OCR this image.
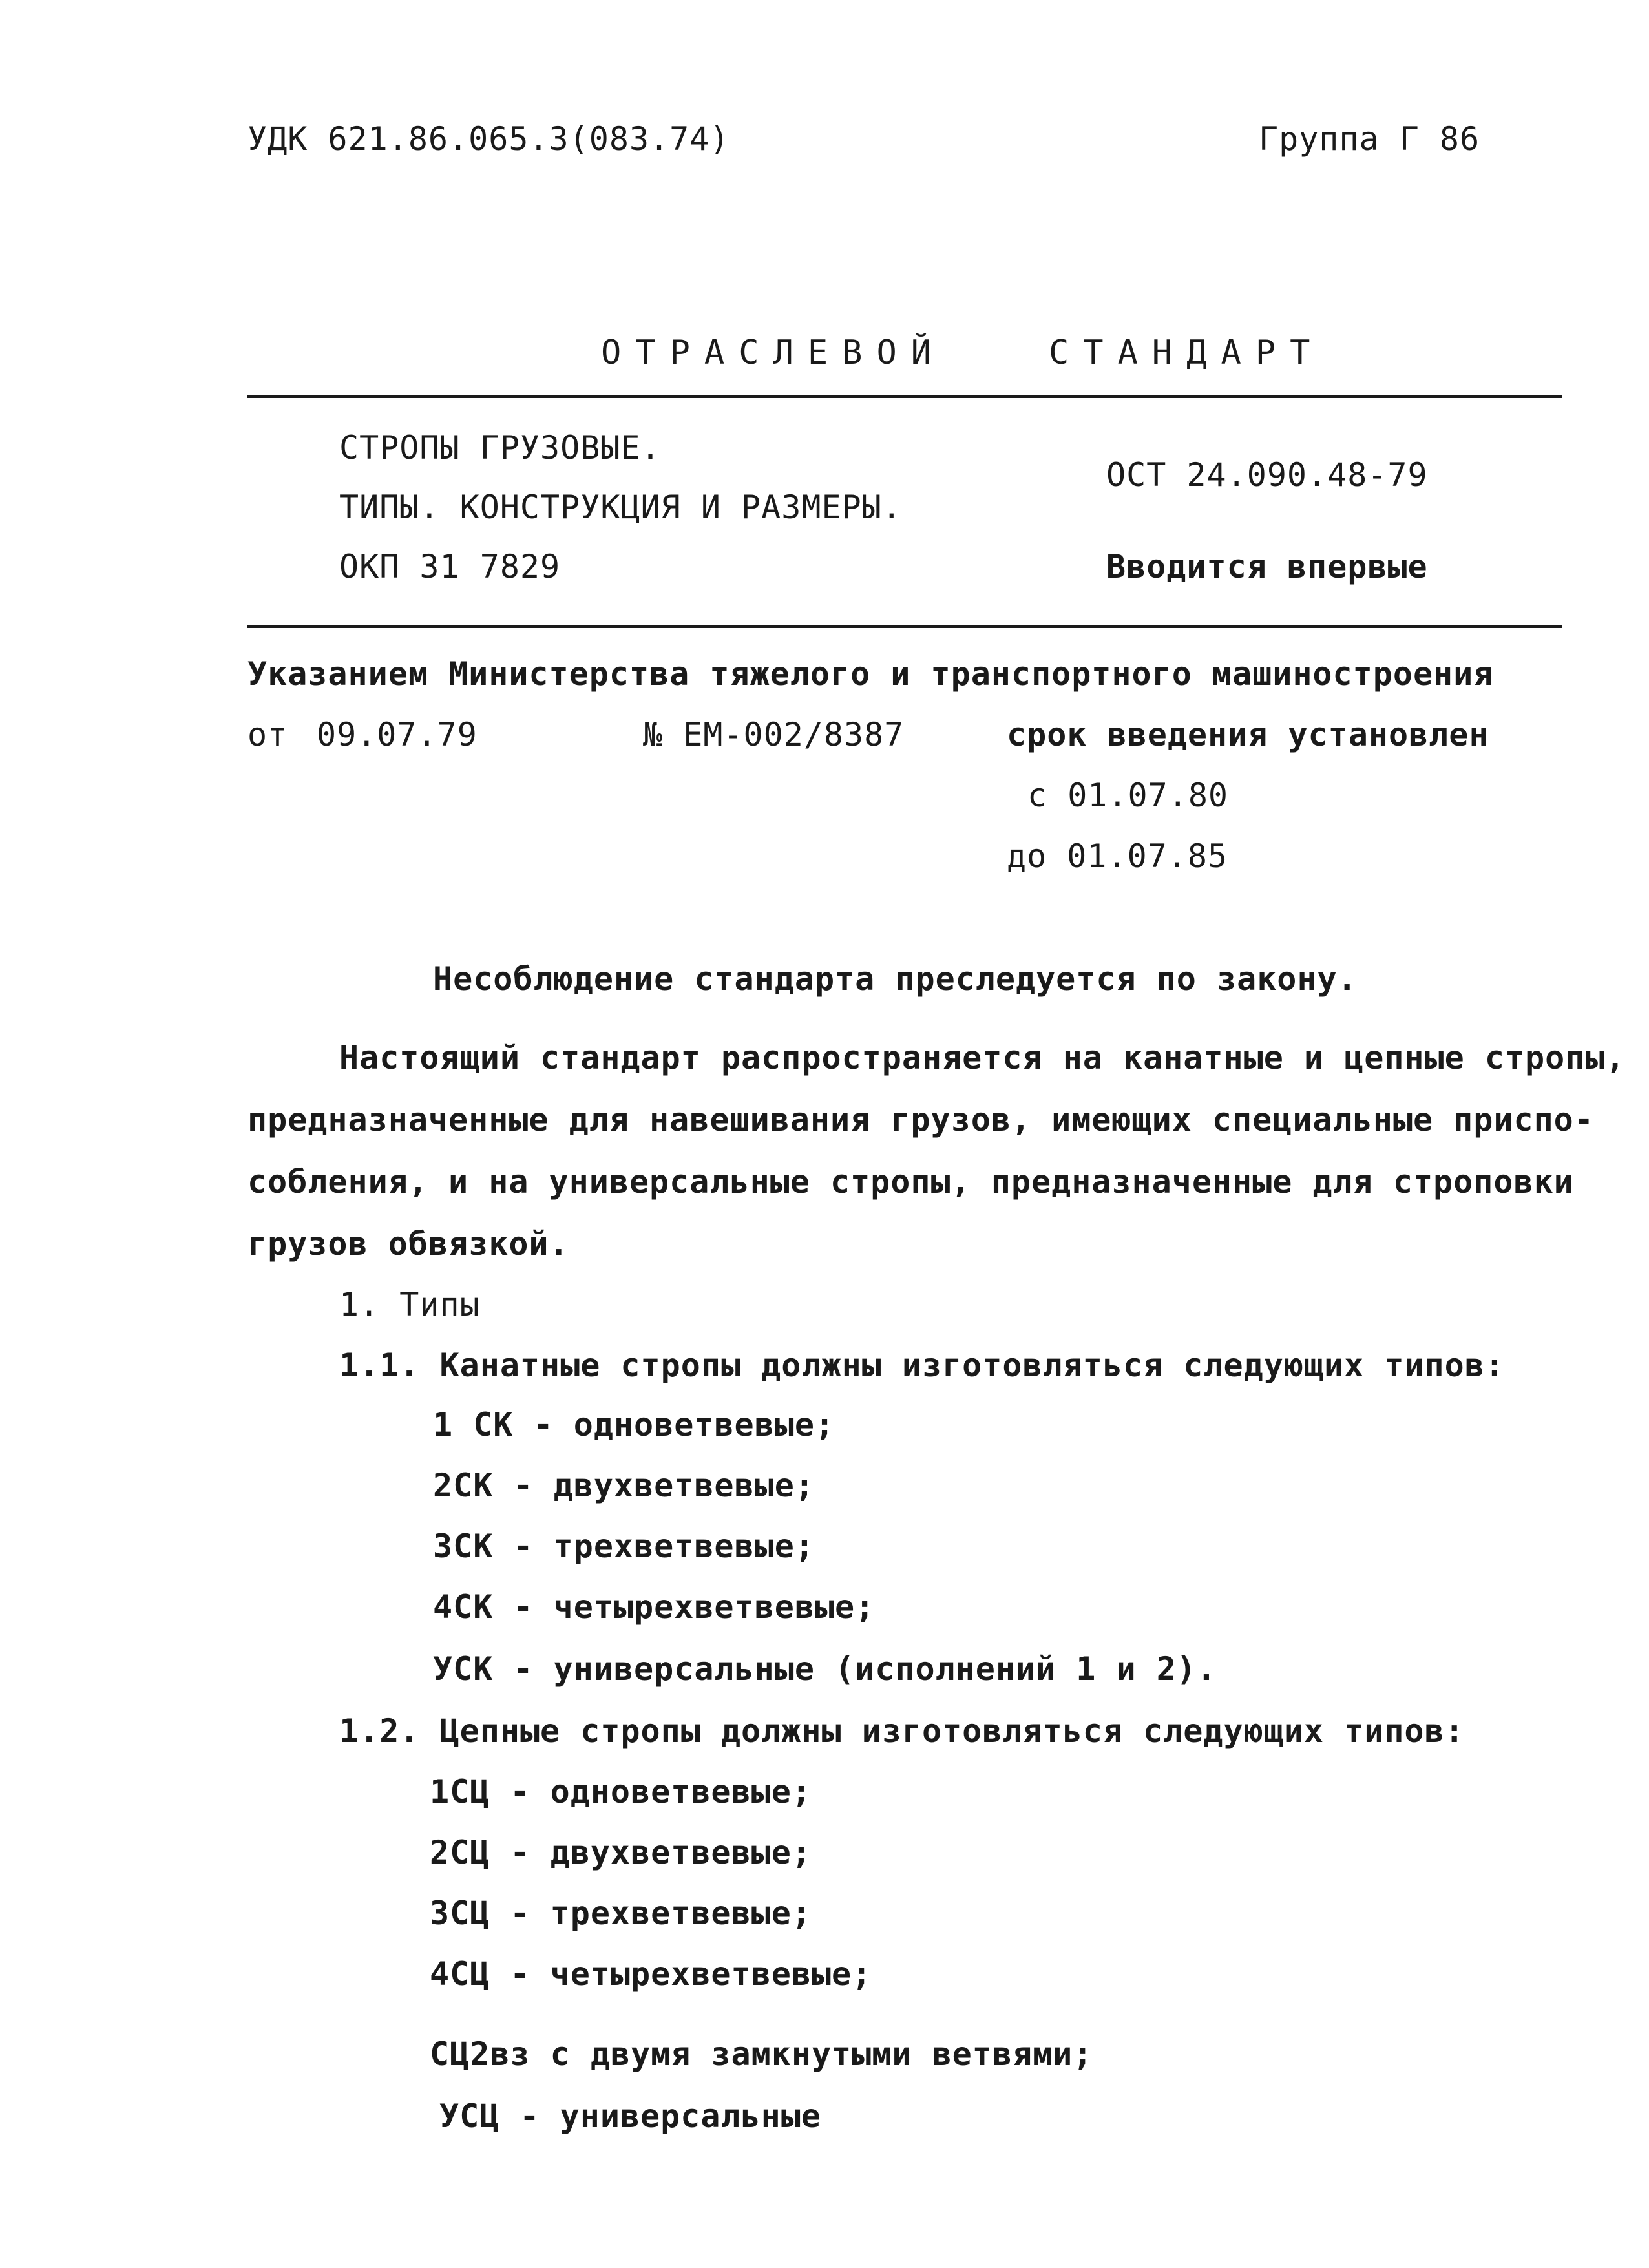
УДК 621.86.065.3(083.74)	Группа Г 86
ОТРАСЛЕВОЙ   СТАНДАРТ
СТРОПЫ ГРУЗОВЫЕ.
ТИПЫ. КОНСТРУКЦИЯ И РАЗМЕРЫ.
ОКП 31 7829
ОСТ 24.090.48-79
Вводится впервые
Указанием Министерства тяжелого и транспортного машиностроения
от 09.07.79	№ ЕМ-002/8387	срок введения установлен
с 01.07.80
до 01.07.85
Несоблюдение стандарта преследуется по закону.
Настоящий стандарт распространяется на канатные и цепные стропы,
предназначенные для навешивания грузов, имеющих специальные приспо-
собления, и на универсальные стропы, предназначенные для строповки
грузов обвязкой.
1. Типы
1.1. Канатные стропы должны изготовляться следующих типов:
1 СК - одноветвевые;
2СК - двухветвевые;
3СК - трехветвевые;
4СК - четырехветвевые;
УСК - универсальные (исполнений 1 и 2).
1.2. Цепные стропы должны изготовляться следующих типов:
1СЦ - одноветвевые;
2СЦ - двухветвевые;
3СЦ - трехветвевые;
4СЦ - четырехветвевые;
СЦ2вз с двумя замкнутыми ветвями;
УСЦ - универсальные
